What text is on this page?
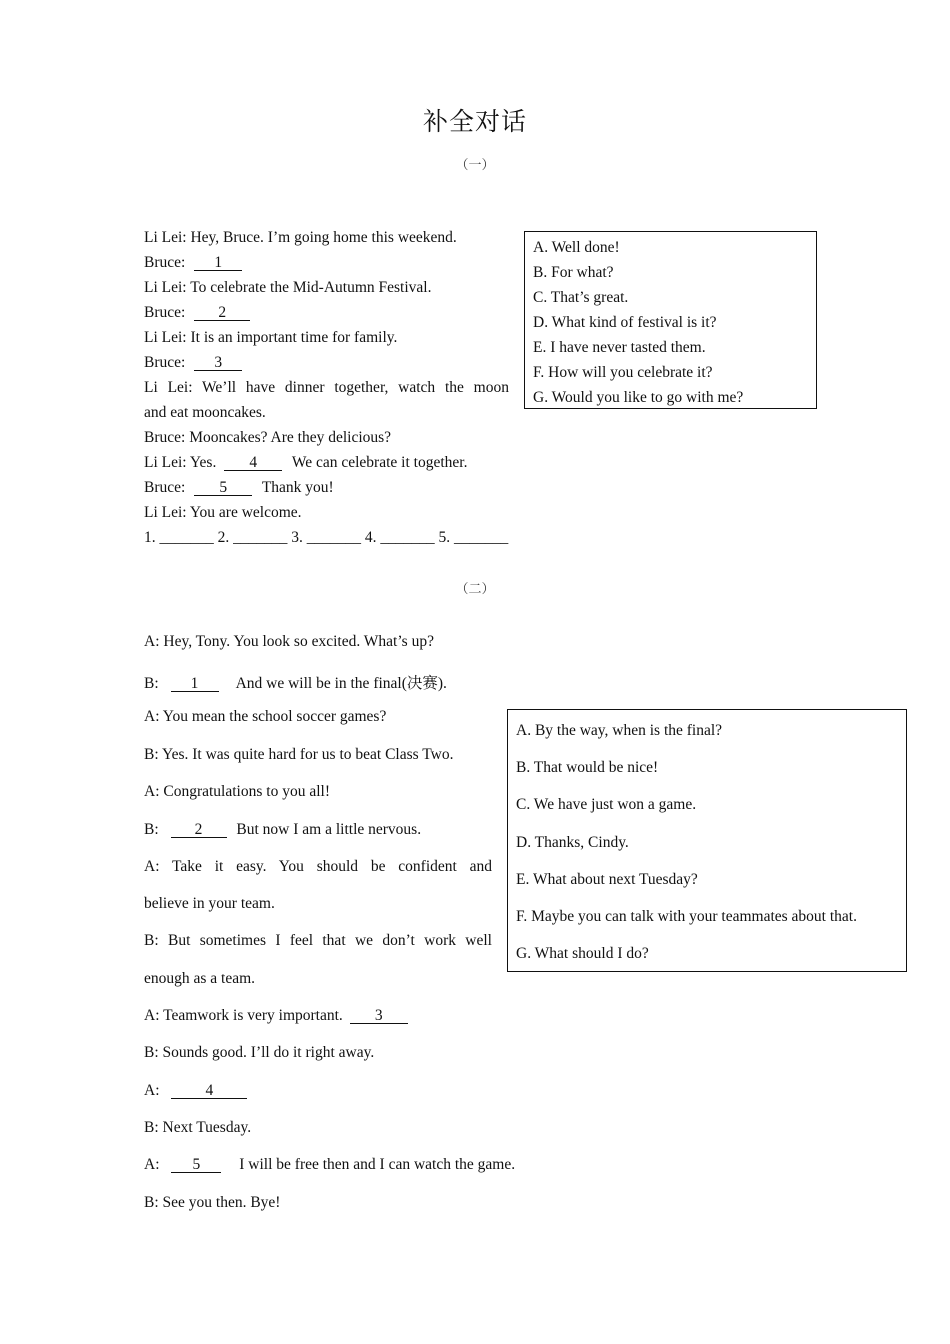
补全对话
（一）
Li Lei: Hey, Bruce. I’m going home this weekend.
Bruce: 1
Li Lei: To celebrate the Mid-Autumn Festival.
Bruce: 2
Li Lei: It is an important time for family.
Bruce: 3
Li Lei: We’ll have dinner together, watch the moon
and eat mooncakes.
Bruce: Mooncakes? Are they delicious?
Li Lei: Yes. 4 We can celebrate it together.
Bruce: 5 Thank you!
Li Lei: You are welcome.
1. _______ 2. _______ 3. _______ 4. _______ 5. _______
A. Well done!
B. For what?
C. That’s great.
D. What kind of festival is it?
E. I have never tasted them.
F. How will you celebrate it?
G. Would you like to go with me?
（二）
A: Hey, Tony. You look so excited. What’s up?
B: 1 And we will be in the final(决赛).
A: You mean the school soccer games?
B: Yes. It was quite hard for us to beat Class Two.
A: Congratulations to you all!
B: 2 But now I am a little nervous.
A: Take it easy. You should be confident and
believe in your team.
B: But sometimes I feel that we don’t work well
enough as a team.
A: Teamwork is very important. 3
B: Sounds good. I’ll do it right away.
A:	4
B: Next Tuesday.
A: 5	I will be free then and I can watch the game.
B: See you then. Bye!
A. By the way, when is the final?
B. That would be nice!
C. We have just won a game.
D. Thanks, Cindy.
E. What about next Tuesday?
F. Maybe you can talk with your teammates about that.
G. What should I do?
